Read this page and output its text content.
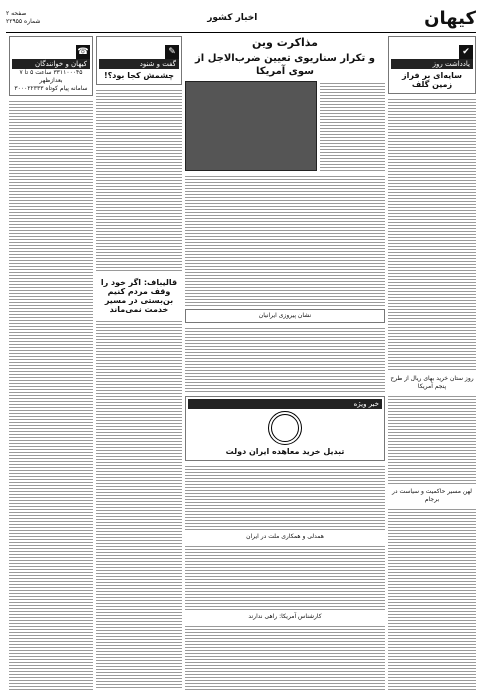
کیهان
اخبار کشور
صفحه ۲
شماره ۲۲۹۵۵
✔
یادداشت روز
سایه‌ای بر فراز زمین گلف
روز ستان خرید بهای ریال از طرح پنجم آمریکا
لهن مسیر حاکمیت و سیاست در برجام
مذاکرت وین
و تکرار سناریوی تعیین ضرب‌الاجل از سوی آمریکا
نشان پیروزی ایرانیان
خبر ویژه
تبدیل خرید معاهده ایران دولت
همدلی و همکاری ملت در ایران
کارشناس آمریکا: راهی ندارند
✎
گفت و شنود
چشمش کجا بود؟!
قالیباف: اگر خود را وقف مردم کنیم بن‌بستی در مسیر خدمت نمی‌ماند
☎
کیهان و خوانندگان
۳۳۱۱۰۰۰۴۵ ساعت ۵ تا ۷ بعدازظهر
سامانه پیام کوتاه ۳۰۰۰۲۲۳۳۳
